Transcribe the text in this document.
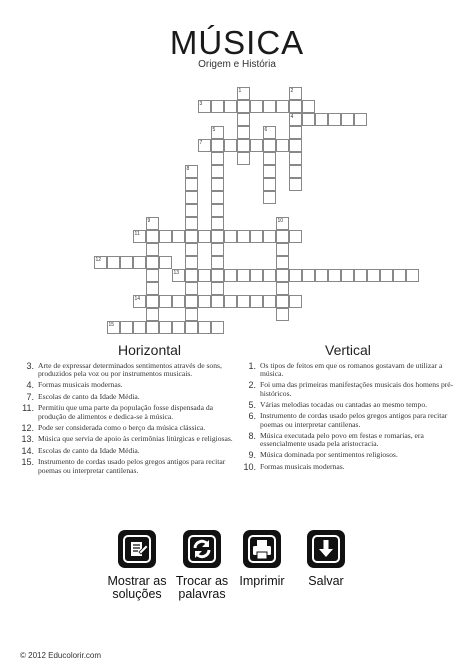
MÚSICA
Origem e História
1	2
3
4
5	6
7
8
9	10
11
12
13
14
15
Horizontal	Vertical
3. Arte de expressar determinados sentimentos através de sons, produzidos pela voz ou por instrumentos musicais.
4. Formas musicais modernas.
7. Escolas de canto da Idade Média.
11. Permitiu que uma parte da população fosse dispensada da produção de alimentos e dedica-se à música.
12. Pode ser considerada como o berço da música clássica.
13. Música que servia de apoio às cerimônias litúrgicas e religiosas.
14. Escolas de canto da Idade Média.
15. Instrumento de cordas usado pelos gregos antigos para recitar poemas ou interpretar cantilenas.
1. Os tipos de feitos em que os romanos gostavam de utilizar a música.
2. Foi uma das primeiras manifestações musicais dos homens pré-históricos.
5. Várias melodias tocadas ou cantadas ao mesmo tempo.
6. Instrumento de cordas usado pelos gregos antigos para recitar poemas ou interpretar cantilenas.
8. Música executada pelo povo em festas e romarias, era essencialmente usada pela aristocracia.
9. Música dominada por sentimentos religiosos.
10. Formas musicais modernas.
Mostrar as soluções
Trocar as palavras
Imprimir	Salvar
© 2012 Educolorir.com
